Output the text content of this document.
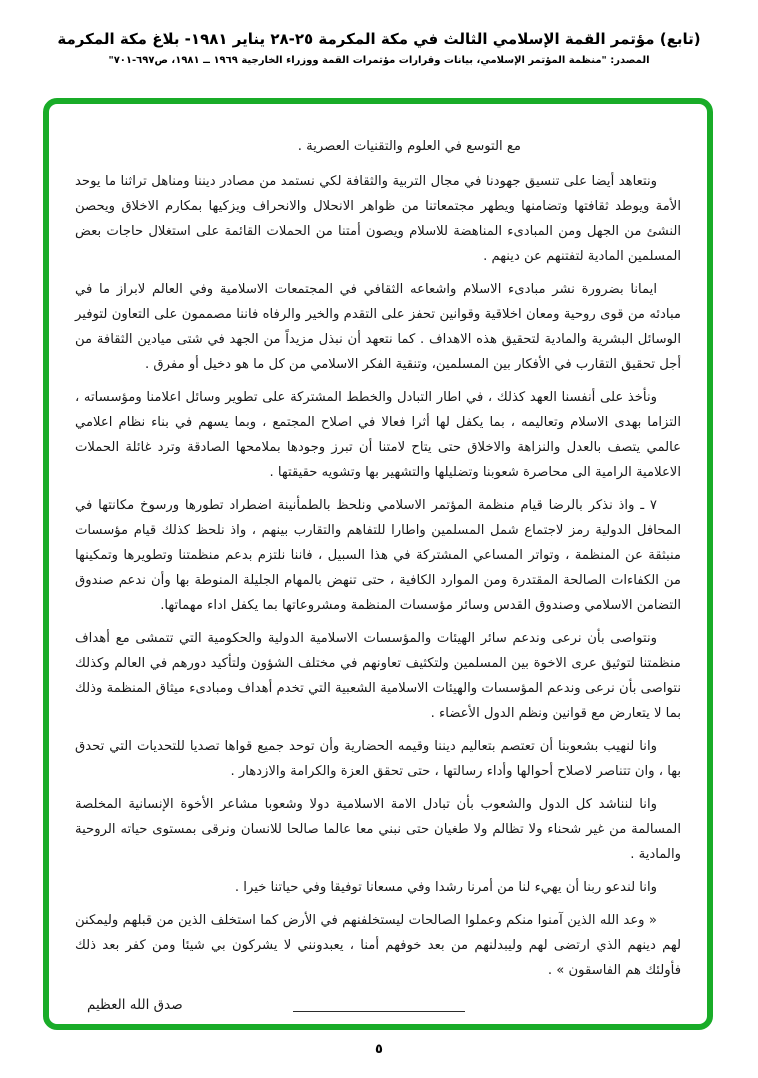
(تابع) مؤتمر القمة الإسلامي الثالث في مكة المكرمة ٢٥-٢٨ يناير ١٩٨١- بلاغ مكة المكرمة
المصدر: "منظمة المؤتمر الإسلامي، بيانات وقرارات مؤتمرات القمة ووزراء الخارجية ١٩٦٩ ــ ١٩٨١، ص٦٩٧-٧٠١"

مع التوسع في العلوم والتقنيات العصرية .

ونتعاهد أيضا على تنسيق جهودنا في مجال التربية والثقافة لكي نستمد من مصادر ديننا ومناهل تراثنا ما يوحد الأمة ويوطد ثقافتها وتضامنها ويطهر مجتمعاتنا من ظواهر الانحلال والانحراف ويزكيها بمكارم الاخلاق ويحصن النشئ من الجهل ومن المبادىء المناهضة للاسلام ويصون أمتنا من الحملات القائمة على استغلال حاجات بعض المسلمين المادية لتفتنهم عن دينهم .

ايمانا بضرورة نشر مبادىء الاسلام واشعاعه الثقافي في المجتمعات الاسلامية وفي العالم لابراز ما في مبادئه من قوى روحية ومعان اخلاقية وقوانين تحفز على التقدم والخير والرفاه فاننا مصممون على التعاون لتوفير الوسائل البشرية والمادية لتحقيق هذه الاهداف . كما نتعهد أن نبذل مزيداً من الجهد في شتى ميادين الثقافة من أجل تحقيق التقارب في الأفكار بين المسلمين، وتنقية الفكر الاسلامي من كل ما هو دخيل أو مفرق .

ونأخذ على أنفسنا العهد كذلك ، في اطار التبادل والخطط المشتركة على تطوير وسائل اعلامنا ومؤسساته ، التزاما بهدى الاسلام وتعاليمه ، بما يكفل لها أثرا فعالا في اصلاح المجتمع ، وبما يسهم في بناء نظام اعلامي عالمي يتصف بالعدل والنزاهة والاخلاق حتى يتاح لامتنا أن تبرز وجودها بملامحها الصادقة وترد غائلة الحملات الاعلامية الرامية الى محاصرة شعوبنا وتضليلها والتشهير بها وتشويه حقيقتها .

٧ ـ واذ نذكر بالرضا قيام منظمة المؤتمر الاسلامي ونلحظ بالطمأنينة اضطراد تطورها ورسوخ مكانتها في المحافل الدولية رمز لاجتماع شمل المسلمين واطارا للتفاهم والتقارب بينهم ، واذ نلحظ كذلك قيام مؤسسات منبثقة عن المنظمة ، وتواتر المساعي المشتركة في هذا السبيل ، فاننا نلتزم بدعم منظمتنا وتطويرها وتمكينها من الكفاءات الصالحة المقتدرة ومن الموارد الكافية ، حتى تنهض بالمهام الجليلة المنوطة بها وأن ندعم صندوق التضامن الاسلامي وصندوق القدس وسائر مؤسسات المنظمة ومشروعاتها بما يكفل اداء مهماتها.

ونتواصى بأن نرعى وندعم سائر الهيئات والمؤسسات الاسلامية الدولية والحكومية التي تتمشى مع أهداف منظمتنا لتوثيق عرى الاخوة بين المسلمين ولتكثيف تعاونهم في مختلف الشؤون ولتأكيد دورهم في العالم وكذلك نتواصى بأن نرعى وندعم المؤسسات والهيئات الاسلامية الشعبية التي تخدم أهداف ومبادىء ميثاق المنظمة وذلك بما لا يتعارض مع قوانين ونظم الدول الأعضاء .

وانا لنهيب بشعوبنا أن تعتصم بتعاليم ديننا وقيمه الحضارية وأن توحد جميع قواها تصديا للتحديات التي تحدق بها ، وان تتناصر لاصلاح أحوالها وأداء رسالتها ، حتى تحقق العزة والكرامة والازدهار .

وانا لنناشد كل الدول والشعوب بأن تبادل الامة الاسلامية دولا وشعوبا مشاعر الأخوة الإنسانية المخلصة المسالمة من غير شحناء ولا تظالم ولا طغيان حتى نبني معا عالما صالحا للانسان ونرقى بمستوى حياته الروحية والمادية .

وانا لندعو ربنا أن يهيء لنا من أمرنا رشدا وفي مسعانا توفيقا وفي حياتنا خيرا .

« وعد الله الذين آمنوا منكم وعملوا الصالحات ليستخلفنهم في الأرض كما استخلف الذين من قبلهم وليمكنن لهم دينهم الذي ارتضى لهم وليبدلنهم من بعد خوفهم أمنا ، يعبدونني لا يشركون بي شيئا ومن كفر بعد ذلك فأولئك هم الفاسقون » .

صدق الله العظيم
٥
